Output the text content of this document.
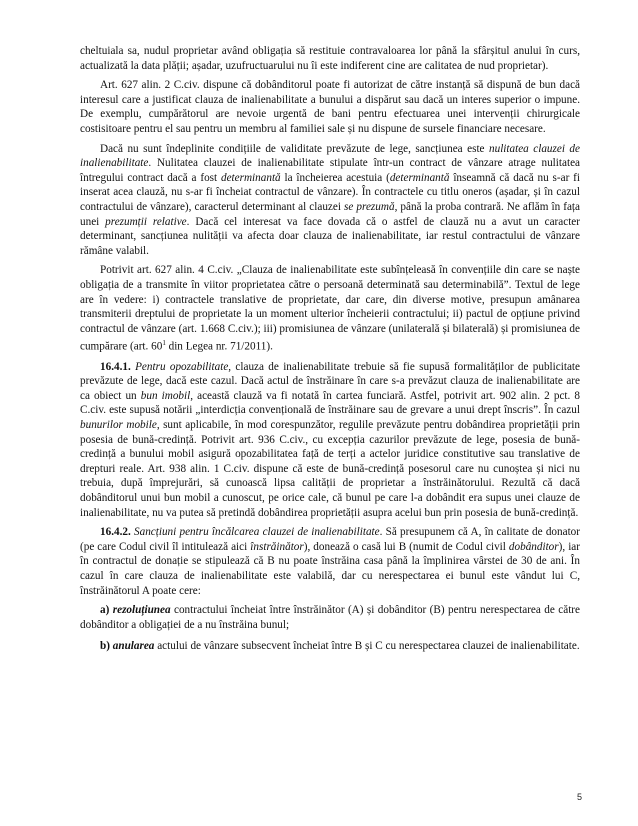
cheltuiala sa, nudul proprietar având obligația să restituie contravaloarea lor până la sfârșitul anului în curs, actualizată la data plății; așadar, uzufructuarului nu îi este indiferent cine are calitatea de nud proprietar).

Art. 627 alin. 2 C.civ. dispune că dobânditorul poate fi autorizat de către instanță să dispună de bun dacă interesul care a justificat clauza de inalienabilitate a bunului a dispărut sau dacă un interes superior o impune. De exemplu, cumpărătorul are nevoie urgentă de bani pentru efectuarea unei intervenții chirurgicale costisitoare pentru el sau pentru un membru al familiei sale și nu dispune de sursele financiare necesare.

Dacă nu sunt îndeplinite condițiile de validitate prevăzute de lege, sancțiunea este nulitatea clauzei de inalienabilitate. Nulitatea clauzei de inalienabilitate stipulate într-un contract de vânzare atrage nulitatea întregului contract dacă a fost determinantă la încheierea acestuia (determinantă înseamnă că dacă nu s-ar fi inserat acea clauză, nu s-ar fi încheiat contractul de vânzare). În contractele cu titlu oneros (așadar, și în cazul contractului de vânzare), caracterul determinant al clauzei se prezumă, până la proba contrară. Ne aflăm în fața unei prezumții relative. Dacă cel interesat va face dovada că o astfel de clauză nu a avut un caracter determinant, sancțiunea nulității va afecta doar clauza de inalienabilitate, iar restul contractului de vânzare rămâne valabil.

Potrivit art. 627 alin. 4 C.civ. „Clauza de inalienabilitate este subînțeleasă în convențiile din care se naște obligația de a transmite în viitor proprietatea către o persoană determinată sau determinabilă”. Textul de lege are în vedere: i) contractele translative de proprietate, dar care, din diverse motive, presupun amânarea transmiterii dreptului de proprietate la un moment ulterior încheierii contractului; ii) pactul de opțiune privind contractul de vânzare (art. 1.668 C.civ.); iii) promisiunea de vânzare (unilaterală și bilaterală) și promisiunea de cumpărare (art. $60^1$ din Legea nr. 71/2011).

16.4.1. Pentru opozabilitate, clauza de inalienabilitate trebuie să fie supusă formalităților de publicitate prevăzute de lege, dacă este cazul. Dacă actul de înstrăinare în care s-a prevăzut clauza de inalienabilitate are ca obiect un bun imobil, această clauză va fi notată în cartea funciară. Astfel, potrivit art. 902 alin. 2 pct. 8 C.civ. este supusă notării „interdicția convențională de înstrăinare sau de grevare a unui drept înscris”. În cazul bunurilor mobile, sunt aplicabile, în mod corespunzător, regulile prevăzute pentru dobândirea proprietății prin posesia de bună-credință. Potrivit art. 936 C.civ., cu excepția cazurilor prevăzute de lege, posesia de bună-credință a bunului mobil asigură opozabilitatea față de terți a actelor juridice constitutive sau translative de drepturi reale. Art. 938 alin. 1 C.civ. dispune că este de bună-credință posesorul care nu cunoștea și nici nu trebuia, după împrejurări, să cunoască lipsa calității de proprietar a înstrăinătorului. Rezultă că dacă dobânditorul unui bun mobil a cunoscut, pe orice cale, că bunul pe care l-a dobândit era supus unei clauze de inalienabilitate, nu va putea să pretindă dobândirea proprietății asupra acelui bun prin posesia de bună-credință.

16.4.2. Sancțiuni pentru încălcarea clauzei de inalienabilitate. Să presupunem că A, în calitate de donator (pe care Codul civil îl intitulează aici înstrăinător), donează o casă lui B (numit de Codul civil dobânditor), iar în contractul de donație se stipulează că B nu poate înstrăina casa până la împlinirea vârstei de 30 de ani. În cazul în care clauza de inalienabilitate este valabilă, dar cu nerespectarea ei bunul este vândut lui C, înstrăinătorul A poate cere:

a) rezoluțiunea contractului încheiat între înstrăinător (A) și dobânditor (B) pentru nerespectarea de către dobânditor a obligației de a nu înstrăina bunul;

b) anularea actului de vânzare subsecvent încheiat între B și C cu nerespectarea clauzei de inalienabilitate.

5
